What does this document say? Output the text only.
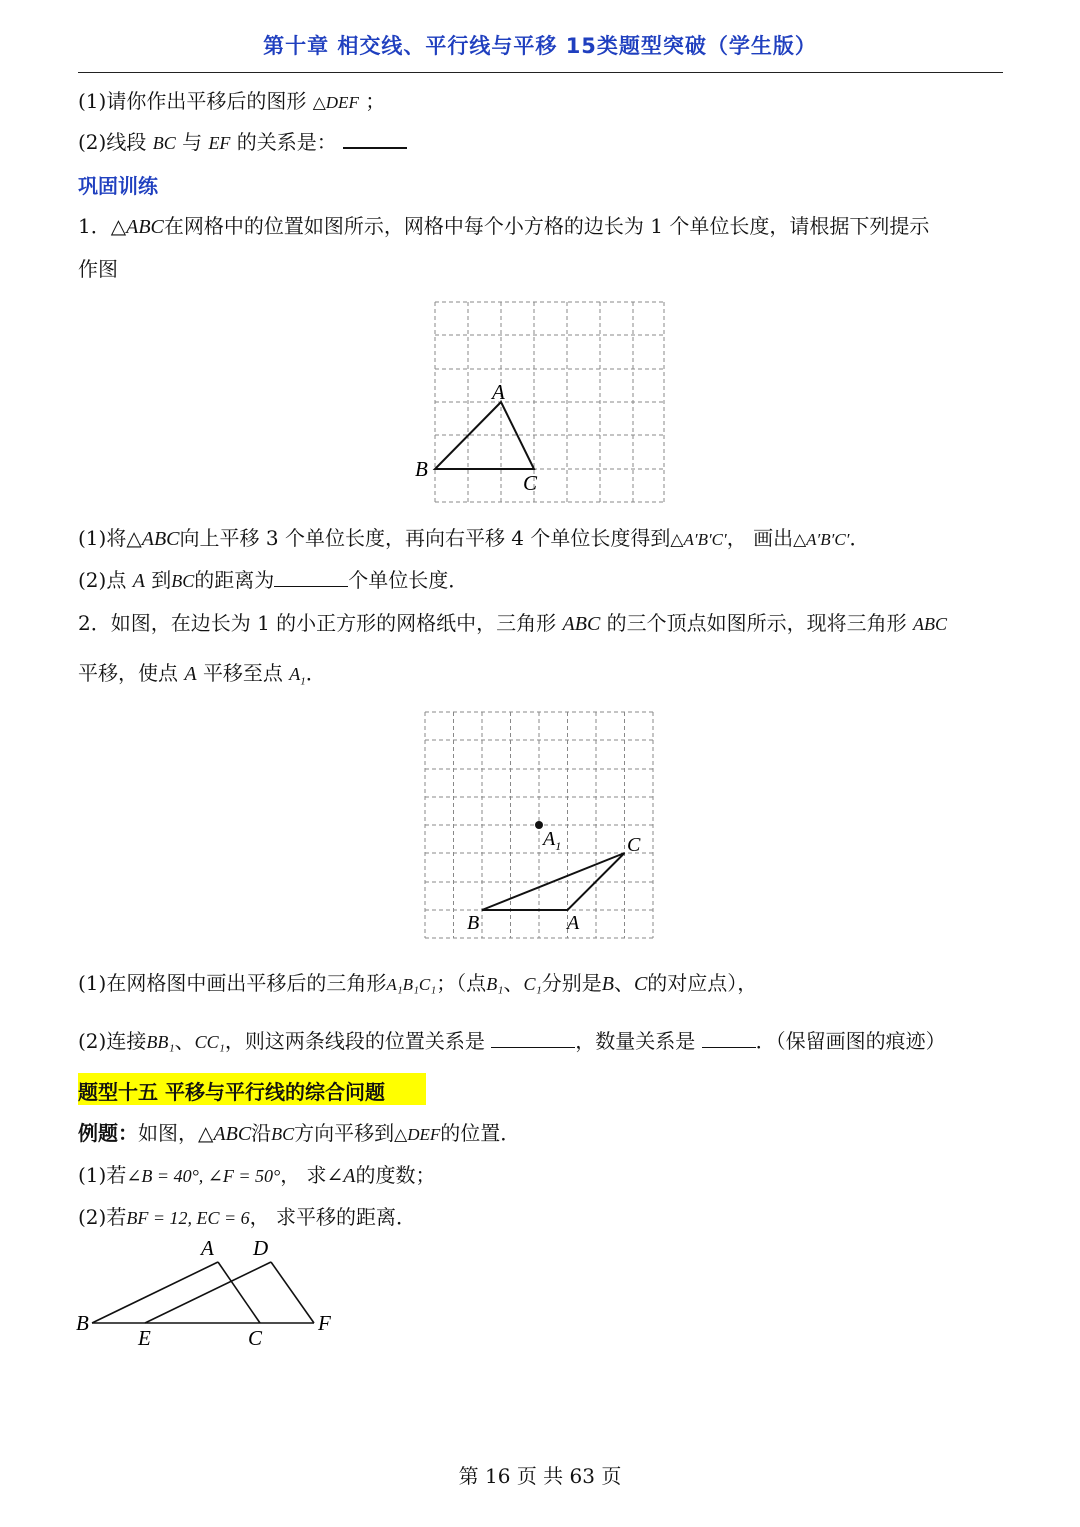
第十章 相交线、平行线与平移 15类题型突破（学生版）
(1)请你作出平移后的图形 △DEF ；
(2)线段 BC 与 EF 的关系是：
巩固训练
1．△ABC在网格中的位置如图所示，网格中每个小方格的边长为 1 个单位长度，请根据下列提示
作图
A
B
C
(1)将△ABC向上平移 3 个单位长度，再向右平移 4 个单位长度得到△A′B′C′， 画出△A′B′C′．
(2)点 A 到BC的距离为	个单位长度．
2．如图，在边长为 1 的小正方形的网格纸中，三角形 ABC 的三个顶点如图所示，现将三角形 ABC
平移，使点 A 平移至点 $A_1$．
$A_1$	C
B	A
(1)在网格图中画出平移后的三角形A₁B₁C₁；（点B₁、C₁分别是B、C的对应点），
(2)连接BB₁、CC₁，则这两条线段的位置关系是	，数量关系是	．（保留画图的痕迹）
题型十五 平移与平行线的综合问题
例题：如图，△ABC沿BC方向平移到△DEF的位置．
(1)若∠B = 40°, ∠F = 50°， 求∠A的度数；
(2)若BF = 12, EC = 6， 求平移的距离．
A D
B
E	C
F
第 16 页 共 63 页
